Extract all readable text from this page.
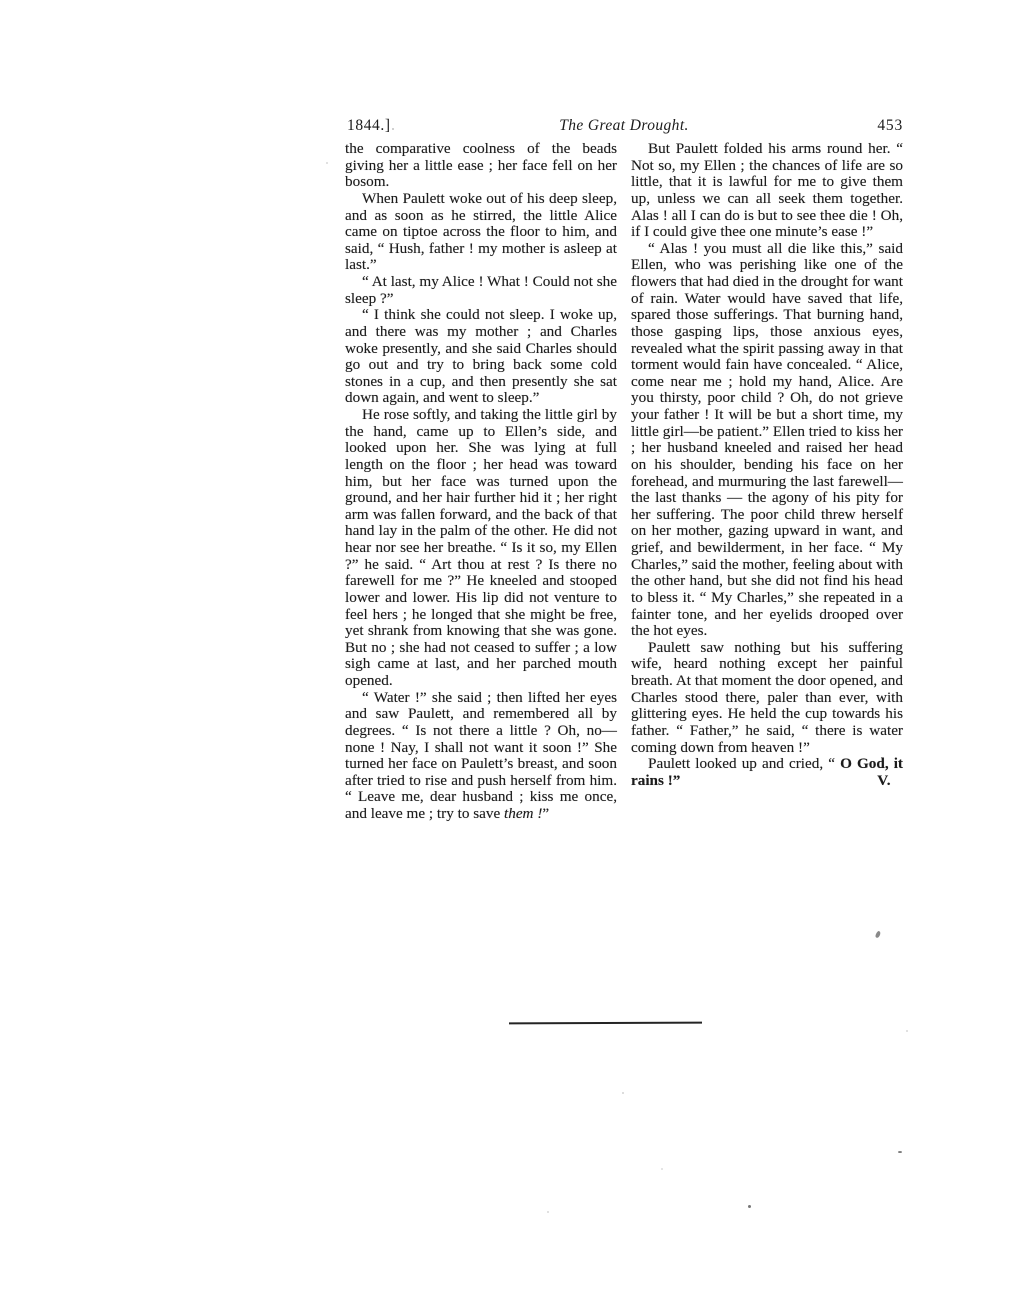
1844.]	The Great Drought.	453

the comparative coolness of the beads giving her a little ease ; her face fell on her bosom.

When Paulett woke out of his deep sleep, and as soon as he stirred, the little Alice came on tiptoe across the floor to him, and said, “ Hush, father ! my mother is asleep at last.”

“ At last, my Alice ! What ! Could not she sleep ?”

“ I think she could not sleep. I woke up, and there was my mother ; and Charles woke presently, and she said Charles should go out and try to bring back some cold stones in a cup, and then presently she sat down again, and went to sleep.”

He rose softly, and taking the little girl by the hand, came up to Ellen’s side, and looked upon her. She was lying at full length on the floor ; her head was toward him, but her face was turned upon the ground, and her hair further hid it ; her right arm was fallen forward, and the back of that hand lay in the palm of the other. He did not hear nor see her breathe. “ Is it so, my Ellen ?” he said. “ Art thou at rest ? Is there no farewell for me ?” He kneeled and stooped lower and lower. His lip did not venture to feel hers ; he longed that she might be free, yet shrank from knowing that she was gone. But no ; she had not ceased to suffer ; a low sigh came at last, and her parched mouth opened.

“ Water !” she said ; then lifted her eyes and saw Paulett, and remembered all by degrees. “ Is not there a little ? Oh, no—none ! Nay, I shall not want it soon !” She turned her face on Paulett’s breast, and soon after tried to rise and push herself from him. “ Leave me, dear husband ; kiss me once, and leave me ; try to save them !”

But Paulett folded his arms round her. “ Not so, my Ellen ; the chances of life are so little, that it is lawful for me to give them up, unless we can all seek them together. Alas ! all I can do is but to see thee die ! Oh, if I could give thee one minute’s ease !”

“ Alas ! you must all die like this,” said Ellen, who was perishing like one of the flowers that had died in the drought for want of rain. Water would have saved that life, spared those sufferings. That burning hand, those gasping lips, those anxious eyes, revealed what the spirit passing away in that torment would fain have concealed. “ Alice, come near me ; hold my hand, Alice. Are you thirsty, poor child ? Oh, do not grieve your father ! It will be but a short time, my little girl—be patient.” Ellen tried to kiss her ; her husband kneeled and raised her head on his shoulder, bending his face on her forehead, and murmuring the last farewell—the last thanks — the agony of his pity for her suffering. The poor child threw herself on her mother, gazing upward in want, and grief, and bewilderment, in her face. “ My Charles,” said the mother, feeling about with the other hand, but she did not find his head to bless it. “ My Charles,” she repeated in a fainter tone, and her eyelids drooped over the hot eyes.

Paulett saw nothing but his suffering wife, heard nothing except her painful breath. At that moment the door opened, and Charles stood there, paler than ever, with glittering eyes. He held the cup towards his father. “ Father,” he said, “ there is water coming down from heaven !”

Paulett looked up and cried, “ O God, it rains !”	V.
